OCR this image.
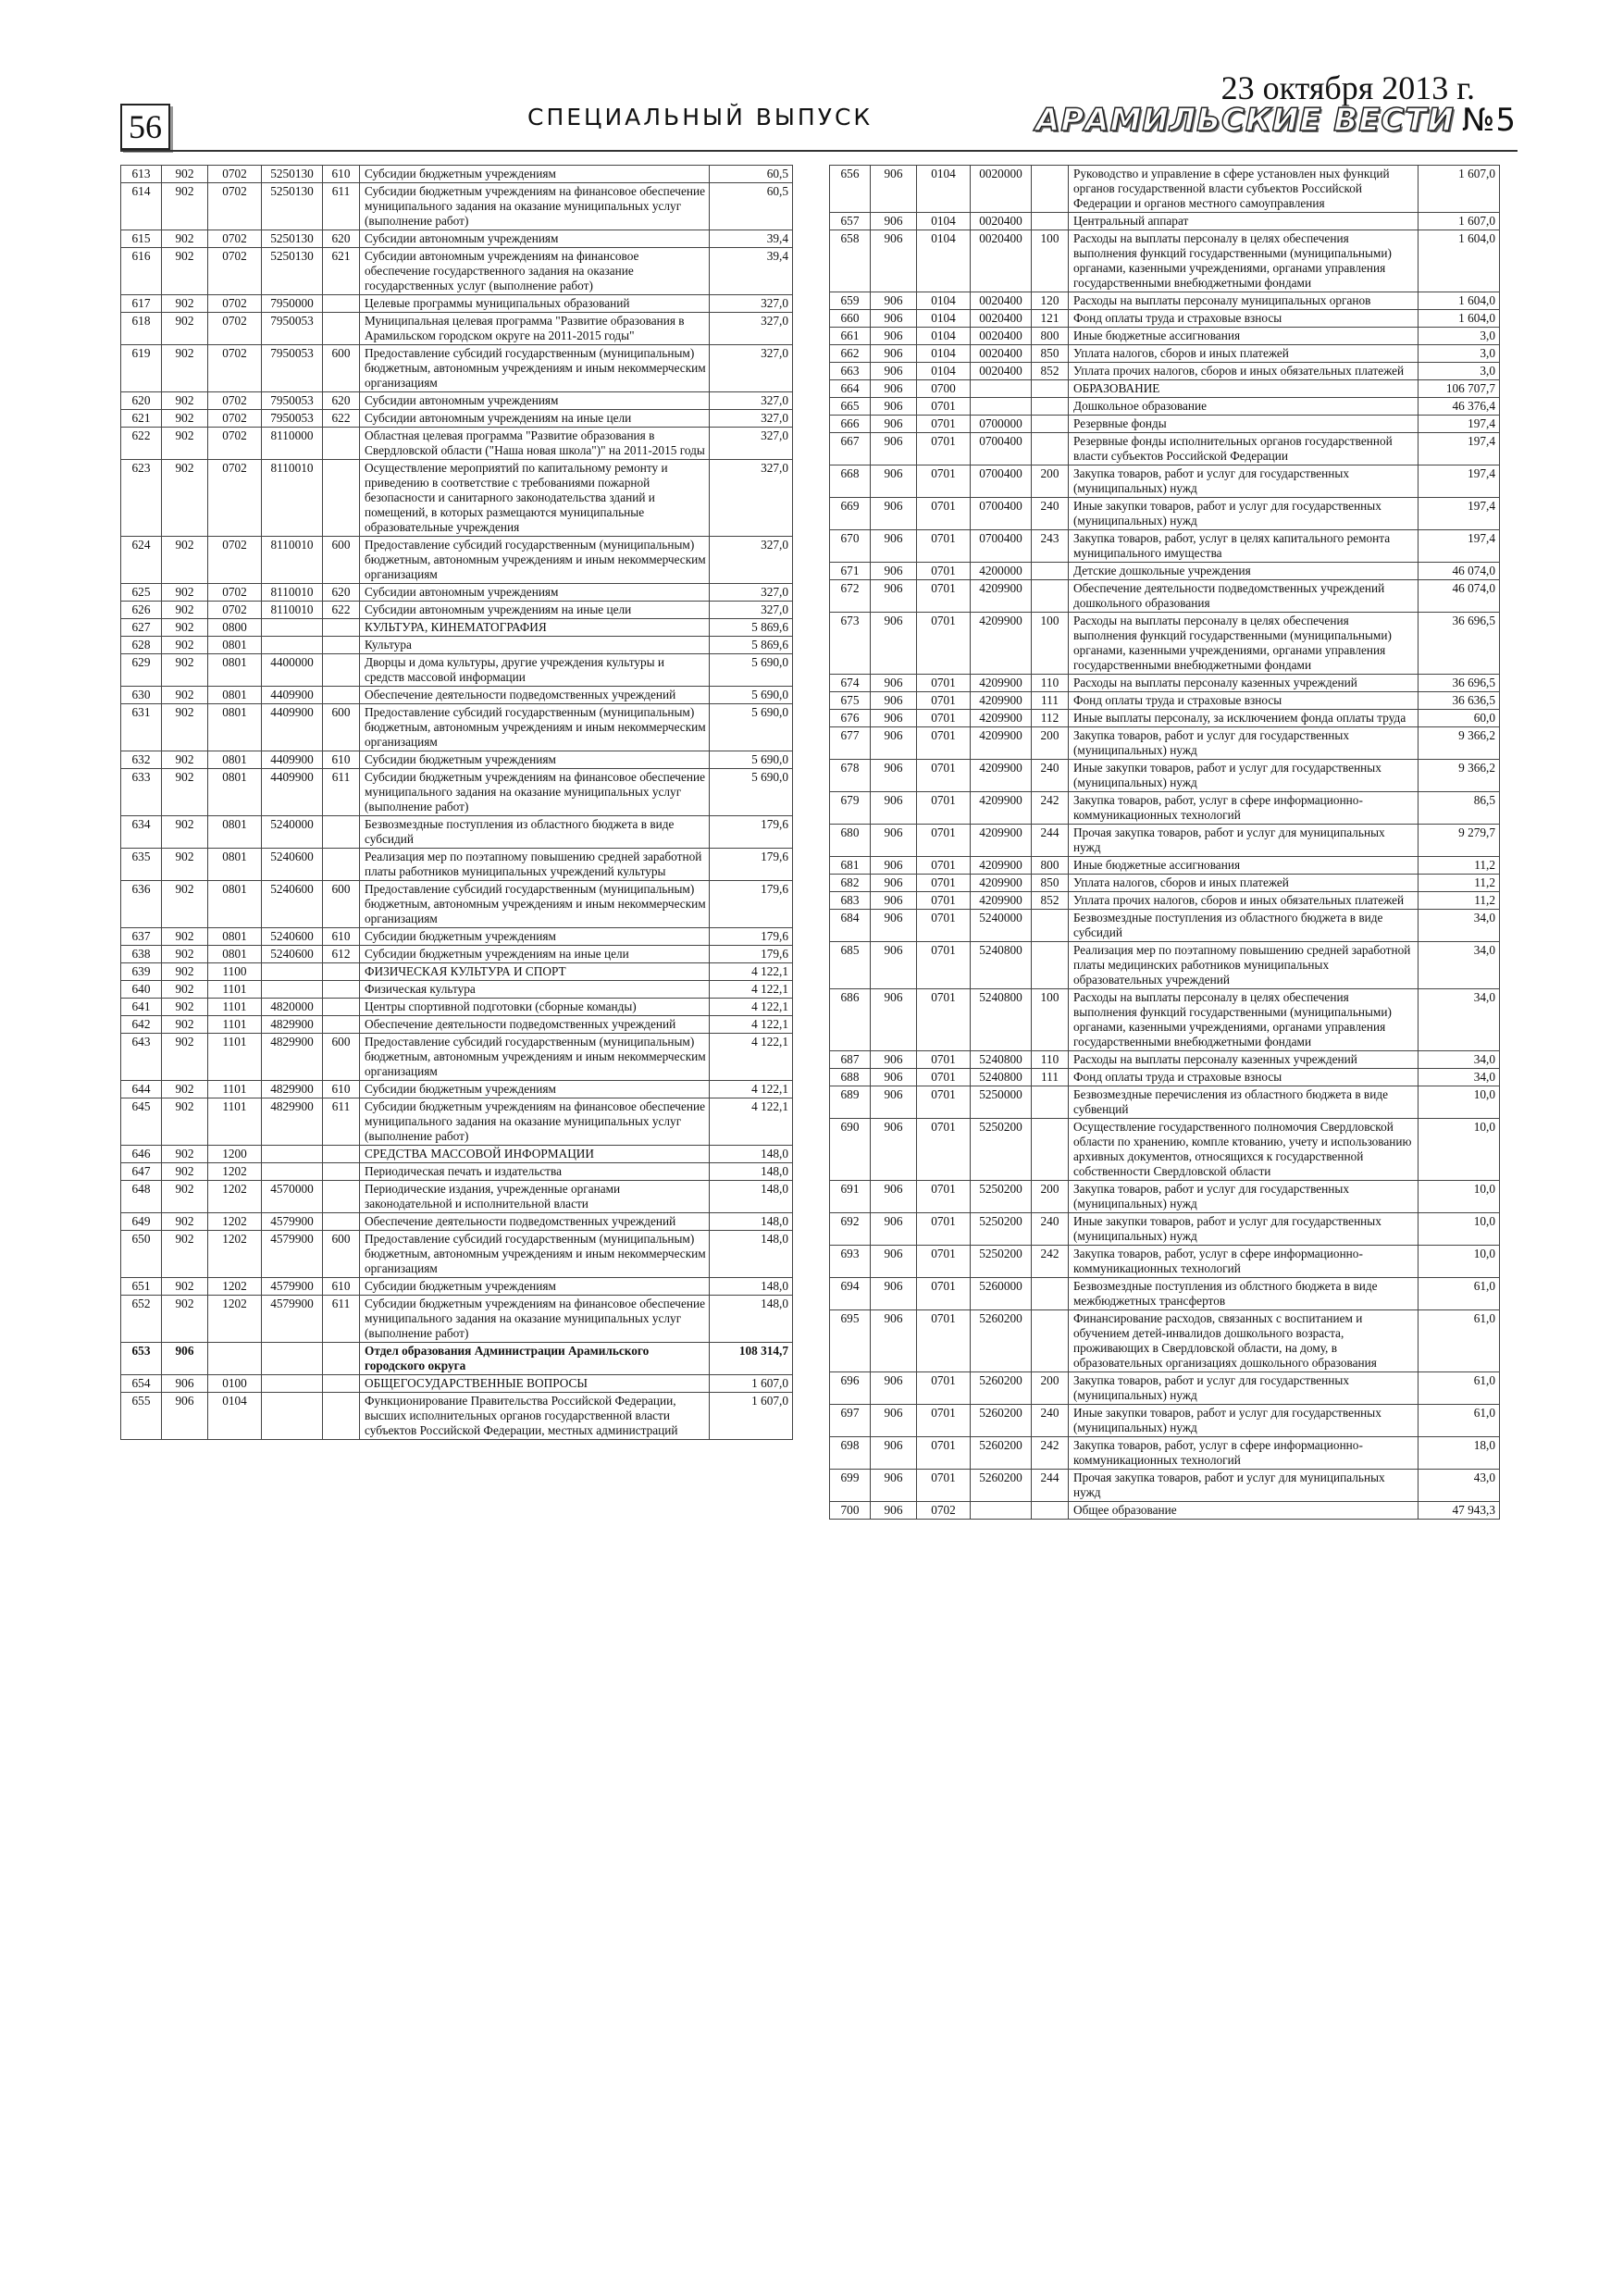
56	СПЕЦИАЛЬНЫЙ ВЫПУСК
23 октября 2013 г.
АРАМИЛЬСКИЕ ВЕСТИ №5
613	902	0702	5250130	610	Субсидии бюджетным учреждениям	60,5
614	902	0702	5250130	611	Субсидии бюджетным учреждениям на финансовое обеспечение муниципального задания на оказание муниципальных услуг (выполнение работ)	60,5
615	902	0702	5250130	620	Субсидии автономным учреждениям	39,4
616	902	0702	5250130	621	Субсидии автономным учреждениям на финансовое обеспечение государственного задания на оказание государственных услуг (выполнение работ)	39,4
617	902	0702	7950000		Целевые программы муниципальных образований	327,0
618	902	0702	7950053		Муниципальная целевая программа "Развитие образования в Арамильском городском округе на 2011-2015 годы"	327,0
619	902	0702	7950053	600	Предоставление субсидий государственным (муниципальным) бюджетным, автономным учреждениям и иным некоммерческим организациям	327,0
620	902	0702	7950053	620	Субсидии автономным учреждениям	327,0
621	902	0702	7950053	622	Субсидии автономным учреждениям на иные цели	327,0
622	902	0702	8110000		Областная целевая программа "Развитие образования в Свердловской области ("Наша новая школа")" на 2011-2015 годы	327,0
623	902	0702	8110010		Осуществление мероприятий по капитальному ремонту и приведению в соответствие с требованиями пожарной безопасности и санитарного законодательства зданий и помещений, в которых размещаются муниципальные образовательные учреждения	327,0
624	902	0702	8110010	600	Предоставление субсидий государственным (муниципальным) бюджетным, автономным учреждениям и иным некоммерческим организациям	327,0
625	902	0702	8110010	620	Субсидии автономным учреждениям	327,0
626	902	0702	8110010	622	Субсидии автономным учреждениям на иные цели	327,0
627	902	0800			КУЛЬТУРА, КИНЕМАТОГРАФИЯ	5 869,6
628	902	0801			Культура	5 869,6
629	902	0801	4400000		Дворцы и дома культуры, другие учреждения культуры и средств массовой информации	5 690,0
630	902	0801	4409900		Обеспечение деятельности подведомственных учреждений	5 690,0
631	902	0801	4409900	600	Предоставление субсидий государственным (муниципальным) бюджетным, автономным учреждениям и иным некоммерческим организациям	5 690,0
632	902	0801	4409900	610	Субсидии бюджетным учреждениям	5 690,0
633	902	0801	4409900	611	Субсидии бюджетным учреждениям на финансовое обеспечение муниципального задания на оказание муниципальных услуг (выполнение работ)	5 690,0
634	902	0801	5240000		Безвозмездные поступления из областного бюджета в виде субсидий	179,6
635	902	0801	5240600		Реализация мер по поэтапному повышению средней заработной платы работников муниципальных учреждений культуры	179,6
636	902	0801	5240600	600	Предоставление субсидий государственным (муниципальным) бюджетным, автономным учреждениям и иным некоммерческим организациям	179,6
637	902	0801	5240600	610	Субсидии бюджетным учреждениям	179,6
638	902	0801	5240600	612	Субсидии бюджетным учреждениям на иные цели	179,6
639	902	1100			ФИЗИЧЕСКАЯ КУЛЬТУРА И СПОРТ	4 122,1
640	902	1101			Физическая культура	4 122,1
641	902	1101	4820000		Центры спортивной подготовки (сборные команды)	4 122,1
642	902	1101	4829900		Обеспечение деятельности подведомственных учреждений	4 122,1
643	902	1101	4829900	600	Предоставление субсидий государственным (муниципальным) бюджетным, автономным учреждениям и иным некоммерческим организациям	4 122,1
644	902	1101	4829900	610	Субсидии бюджетным учреждениям	4 122,1
645	902	1101	4829900	611	Субсидии бюджетным учреждениям на финансовое обеспечение муниципального задания на оказание муниципальных услуг (выполнение работ)	4 122,1
646	902	1200			СРЕДСТВА МАССОВОЙ ИНФОРМАЦИИ	148,0
647	902	1202			Периодическая печать и издательства	148,0
648	902	1202	4570000		Периодические издания, учрежденные органами законодательной и исполнительной власти	148,0
649	902	1202	4579900		Обеспечение деятельности подведомственных учреждений	148,0
650	902	1202	4579900	600	Предоставление субсидий государственным (муниципальным) бюджетным, автономным учреждениям и иным некоммерческим организациям	148,0
651	902	1202	4579900	610	Субсидии бюджетным учреждениям	148,0
652	902	1202	4579900	611	Субсидии бюджетным учреждениям на финансовое обеспечение муниципального задания на оказание муниципальных услуг (выполнение работ)	148,0
653	906				Отдел образования Администрации Арамильского городского округа	108 314,7
654	906	0100			ОБЩЕГОСУДАРСТВЕННЫЕ ВОПРОСЫ	1 607,0
655	906	0104			Функционирование Правительства Российской Федерации, высших исполнительных органов государственной власти субъектов Российской Федерации, местных администраций	1 607,0
656	906	0104	0020000		Руководство и управление в сфере установлен ных функций органов государственной власти субъектов Российской Федерации и органов местного самоуправления	1 607,0
657	906	0104	0020400		Центральный аппарат	1 607,0
658	906	0104	0020400	100	Расходы на выплаты персоналу в целях обеспечения выполнения функций государственными (муниципальными) органами, казенными учреждениями, органами управления государственными внебюджетными фондами	1 604,0
659	906	0104	0020400	120	Расходы на выплаты персоналу муниципальных органов	1 604,0
660	906	0104	0020400	121	Фонд оплаты труда и страховые взносы	1 604,0
661	906	0104	0020400	800	Иные бюджетные ассигнования	3,0
662	906	0104	0020400	850	Уплата налогов, сборов и иных платежей	3,0
663	906	0104	0020400	852	Уплата прочих налогов, сборов и иных обязательных платежей	3,0
664	906	0700			ОБРАЗОВАНИЕ	106 707,7
665	906	0701			Дошкольное образование	46 376,4
666	906	0701	0700000		Резервные фонды	197,4
667	906	0701	0700400		Резервные фонды исполнительных органов государственной власти субъектов Российской Федерации	197,4
668	906	0701	0700400	200	Закупка товаров, работ и услуг для государственных (муниципальных) нужд	197,4
669	906	0701	0700400	240	Иные закупки товаров, работ и услуг для государственных (муниципальных) нужд	197,4
670	906	0701	0700400	243	Закупка товаров, работ, услуг в целях капитального ремонта муниципального имущества	197,4
671	906	0701	4200000		Детские дошкольные учреждения	46 074,0
672	906	0701	4209900		Обеспечение деятельности подведомственных учреждений дошкольного образования	46 074,0
673	906	0701	4209900	100	Расходы на выплаты персоналу в целях обеспечения выполнения функций государственными (муниципальными) органами, казенными учреждениями, органами управления государственными внебюджетными фондами	36 696,5
674	906	0701	4209900	110	Расходы на выплаты персоналу казенных учреждений	36 696,5
675	906	0701	4209900	111	Фонд оплаты труда и страховые взносы	36 636,5
676	906	0701	4209900	112	Иные выплаты персоналу, за исключением фонда оплаты труда	60,0
677	906	0701	4209900	200	Закупка товаров, работ и услуг для государственных (муниципальных) нужд	9 366,2
678	906	0701	4209900	240	Иные закупки товаров, работ и услуг для государственных (муниципальных) нужд	9 366,2
679	906	0701	4209900	242	Закупка товаров, работ, услуг в сфере информационно-коммуникационных технологий	86,5
680	906	0701	4209900	244	Прочая закупка товаров, работ и услуг для муниципальных нужд	9 279,7
681	906	0701	4209900	800	Иные бюджетные ассигнования	11,2
682	906	0701	4209900	850	Уплата налогов, сборов и иных платежей	11,2
683	906	0701	4209900	852	Уплата прочих налогов, сборов и иных обязательных платежей	11,2
684	906	0701	5240000		Безвозмездные поступления из областного бюджета в виде субсидий	34,0
685	906	0701	5240800		Реализация мер по поэтапному повышению средней заработной платы медицинских работников муниципальных образовательных учреждений	34,0
686	906	0701	5240800	100	Расходы на выплаты персоналу в целях обеспечения выполнения функций государственными (муниципальными) органами, казенными учреждениями, органами управления государственными внебюджетными фондами	34,0
687	906	0701	5240800	110	Расходы на выплаты персоналу казенных учреждений	34,0
688	906	0701	5240800	111	Фонд оплаты труда и страховые взносы	34,0
689	906	0701	5250000		Безвозмездные перечисления из областного бюджета в виде субвенций	10,0
690	906	0701	5250200		Осуществление государственного полномочия Свердловской области по хранению, компле ктованию, учету и использованию архивных документов, относящихся к государственной собственности Свердловской области	10,0
691	906	0701	5250200	200	Закупка товаров, работ и услуг для государственных (муниципальных) нужд	10,0
692	906	0701	5250200	240	Иные закупки товаров, работ и услуг для государственных (муниципальных) нужд	10,0
693	906	0701	5250200	242	Закупка товаров, работ, услуг в сфере информационно-коммуникационных технологий	10,0
694	906	0701	5260000		Безвозмездные поступления из облстного бюджета в виде межбюджетных трансфертов	61,0
695	906	0701	5260200		Финансирование расходов, связанных с воспитанием и обучением детей-инвалидов дошкольного возраста, проживающих в Свердловской области, на дому, в образовательных организациях дошкольного образования	61,0
696	906	0701	5260200	200	Закупка товаров, работ и услуг для государственных (муниципальных) нужд	61,0
697	906	0701	5260200	240	Иные закупки товаров, работ и услуг для государственных (муниципальных) нужд	61,0
698	906	0701	5260200	242	Закупка товаров, работ, услуг в сфере информационно-коммуникационных технологий	18,0
699	906	0701	5260200	244	Прочая закупка товаров, работ и услуг для муниципальных нужд	43,0
700	906	0702			Общее образование	47 943,3
